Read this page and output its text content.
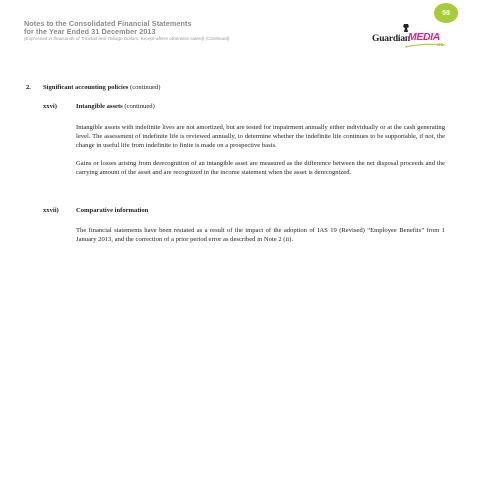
Notes to the Consolidated Financial Statements
for the Year Ended 31 December 2013
(Expressed in thousands of Trinidad and Tobago Dollars, except where otherwise stated) (Continued)
59
Guardian
MEDIA
LTD
2. Significant accounting policies (continued)
xxvi)	Intangible assets (continued)
Intangible assets with indefinite lives are not amortized, but are tested for impairment annually either individually or at the cash generating level. The assessment of indefinite life is reviewed annually, to determine whether the indefinite life continues to be supportable, if not, the change in useful life from indefinite to finite is made on a prospective basis.
Gains or losses arising from derecognition of an intangible asset are measured as the difference between the net disposal proceeds and the carrying amount of the asset and are recognized in the income statement when the asset is derecognized.
xxvii)	Comparative information
The financial statements have been restated as a result of the impact of the adoption of IAS 19 (Revised) “Employee Benefits” from 1 January 2013, and the correction of a prior period error as described in Note 2 (ii).
